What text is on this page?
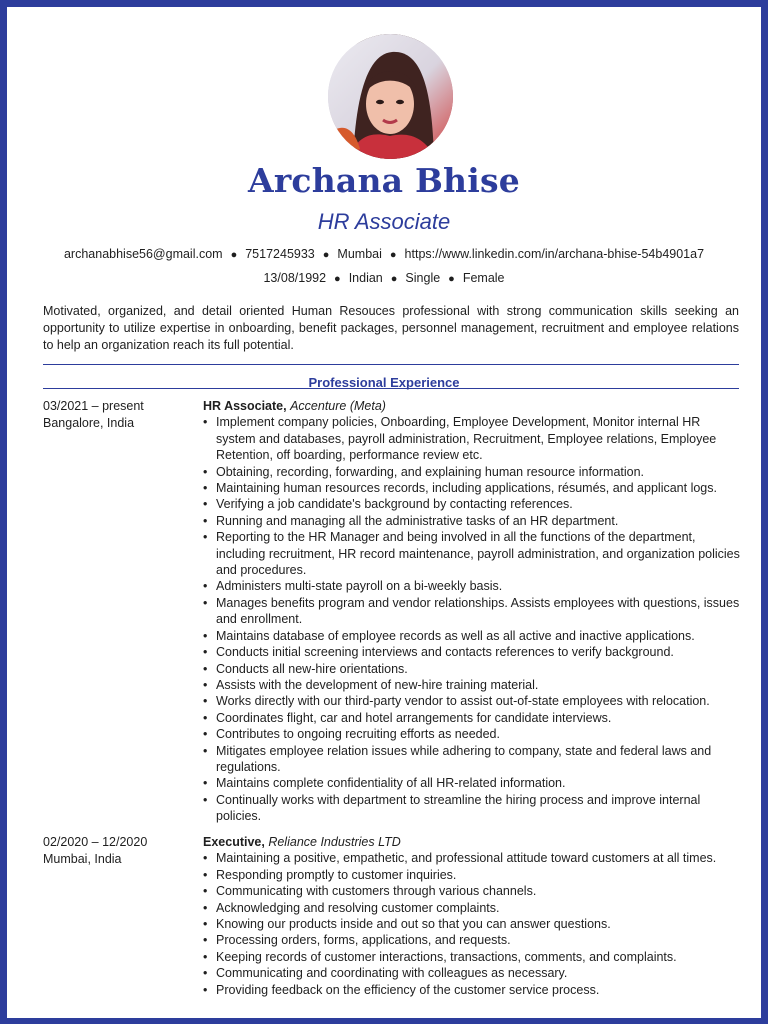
Archana Bhise
HR Associate
archanabhise56@gmail.com ● 7517245933 ● Mumbai ● https://www.linkedin.com/in/archana-bhise-54b4901a7
13/08/1992 ● Indian ● Single ● Female
Motivated, organized, and detail oriented Human Resouces professional with strong communication skills seeking an opportunity to utilize expertise in onboarding, benefit packages, personnel management, recruitment and employee relations to help an organization reach its full potential.
Professional Experience
03/2021 – present
Bangalore, India
HR Associate, Accenture (Meta)
• Implement company policies, Onboarding, Employee Development, Monitor internal HR system and databases, payroll administration, Recruitment, Employee relations, Employee Retention, off boarding, performance review etc.
• Obtaining, recording, forwarding, and explaining human resource information.
• Maintaining human resources records, including applications, résumés, and applicant logs.
• Verifying a job candidate's background by contacting references.
• Running and managing all the administrative tasks of an HR department.
• Reporting to the HR Manager and being involved in all the functions of the department, including recruitment, HR record maintenance, payroll administration, and organization policies and procedures.
• Administers multi-state payroll on a bi-weekly basis.
• Manages benefits program and vendor relationships. Assists employees with questions, issues and enrollment.
• Maintains database of employee records as well as all active and inactive applications.
• Conducts initial screening interviews and contacts references to verify background.
• Conducts all new-hire orientations.
• Assists with the development of new-hire training material.
• Works directly with our third-party vendor to assist out-of-state employees with relocation.
• Coordinates flight, car and hotel arrangements for candidate interviews.
• Contributes to ongoing recruiting efforts as needed.
• Mitigates employee relation issues while adhering to company, state and federal laws and regulations.
• Maintains complete confidentiality of all HR-related information.
• Continually works with department to streamline the hiring process and improve internal policies.
02/2020 – 12/2020
Mumbai, India
Executive, Reliance Industries LTD
• Maintaining a positive, empathetic, and professional attitude toward customers at all times.
• Responding promptly to customer inquiries.
• Communicating with customers through various channels.
• Acknowledging and resolving customer complaints.
• Knowing our products inside and out so that you can answer questions.
• Processing orders, forms, applications, and requests.
• Keeping records of customer interactions, transactions, comments, and complaints.
• Communicating and coordinating with colleagues as necessary.
• Providing feedback on the efficiency of the customer service process.
